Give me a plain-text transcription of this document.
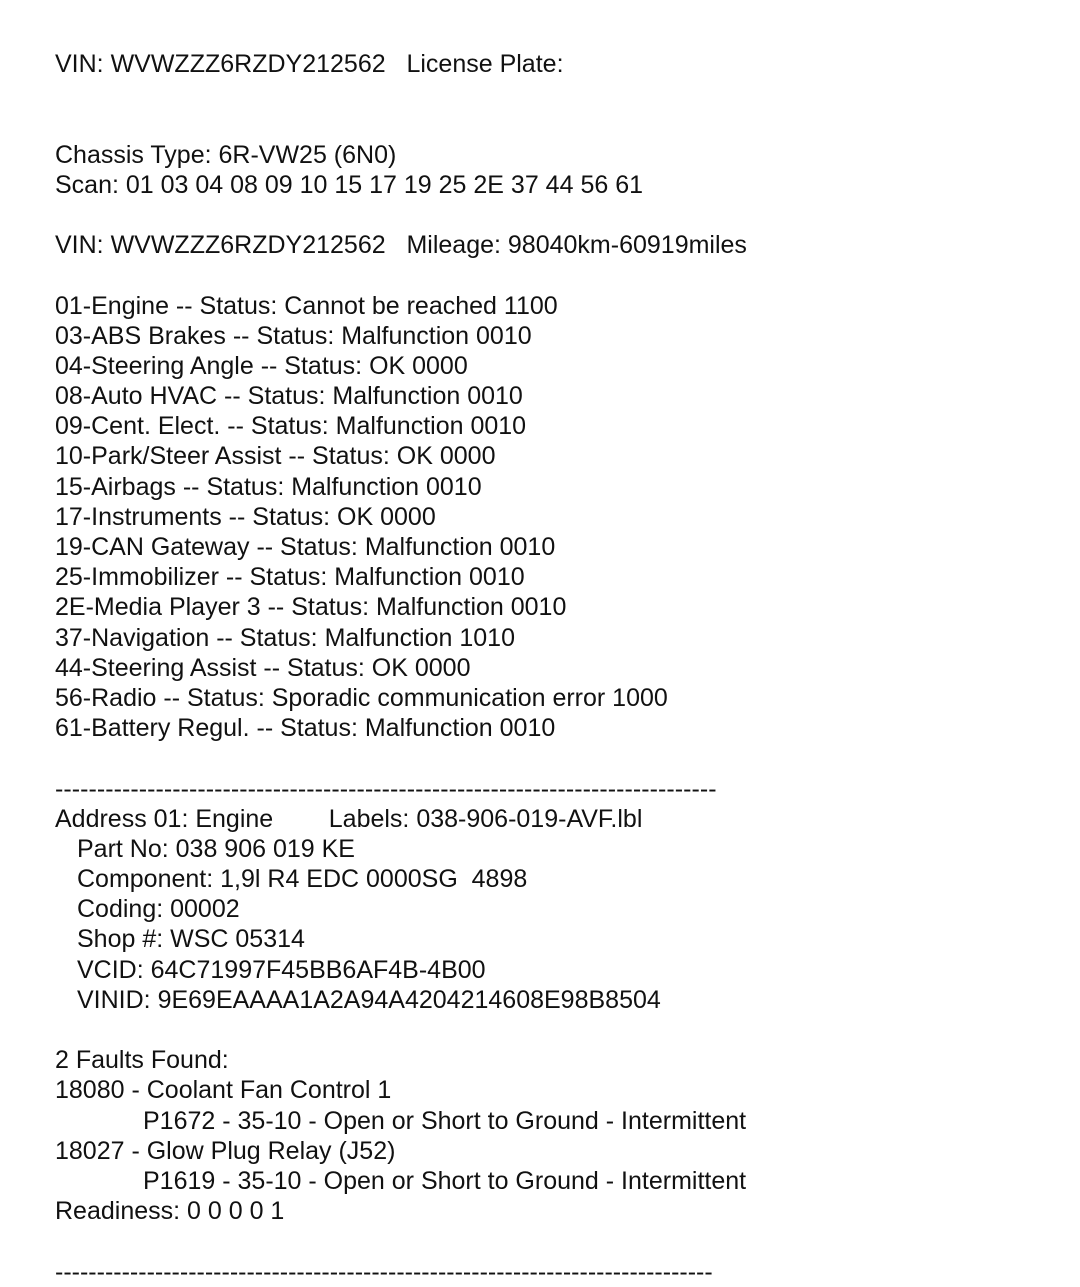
VIN: WVWZZZ6RZDY212562   License Plate:
Chassis Type: 6R-VW25 (6N0)
Scan: 01 03 04 08 09 10 15 17 19 25 2E 37 44 56 61
VIN: WVWZZZ6RZDY212562   Mileage: 98040km-60919miles
01-Engine -- Status: Cannot be reached 1100
03-ABS Brakes -- Status: Malfunction 0010
04-Steering Angle -- Status: OK 0000
08-Auto HVAC -- Status: Malfunction 0010
09-Cent. Elect. -- Status: Malfunction 0010
10-Park/Steer Assist -- Status: OK 0000
15-Airbags -- Status: Malfunction 0010
17-Instruments -- Status: OK 0000
19-CAN Gateway -- Status: Malfunction 0010
25-Immobilizer -- Status: Malfunction 0010
2E-Media Player 3 -- Status: Malfunction 0010
37-Navigation -- Status: Malfunction 1010
44-Steering Assist -- Status: OK 0000
56-Radio -- Status: Sporadic communication error 1000
61-Battery Regul. -- Status: Malfunction 0010
-------------------------------------------------------------------------------
Address 01: Engine        Labels: 038-906-019-AVF.lbl
Part No: 038 906 019 KE
Component: 1,9l R4 EDC 0000SG  4898
Coding: 00002
Shop #: WSC 05314
VCID: 64C71997F45BB6AF4B-4B00
VINID: 9E69EAAAA1A2A94A4204214608E98B8504
2 Faults Found:
18080 - Coolant Fan Control 1
P1672 - 35-10 - Open or Short to Ground - Intermittent
18027 - Glow Plug Relay (J52)
P1619 - 35-10 - Open or Short to Ground - Intermittent
Readiness: 0 0 0 0 1
-------------------------------------------------------------------------------
